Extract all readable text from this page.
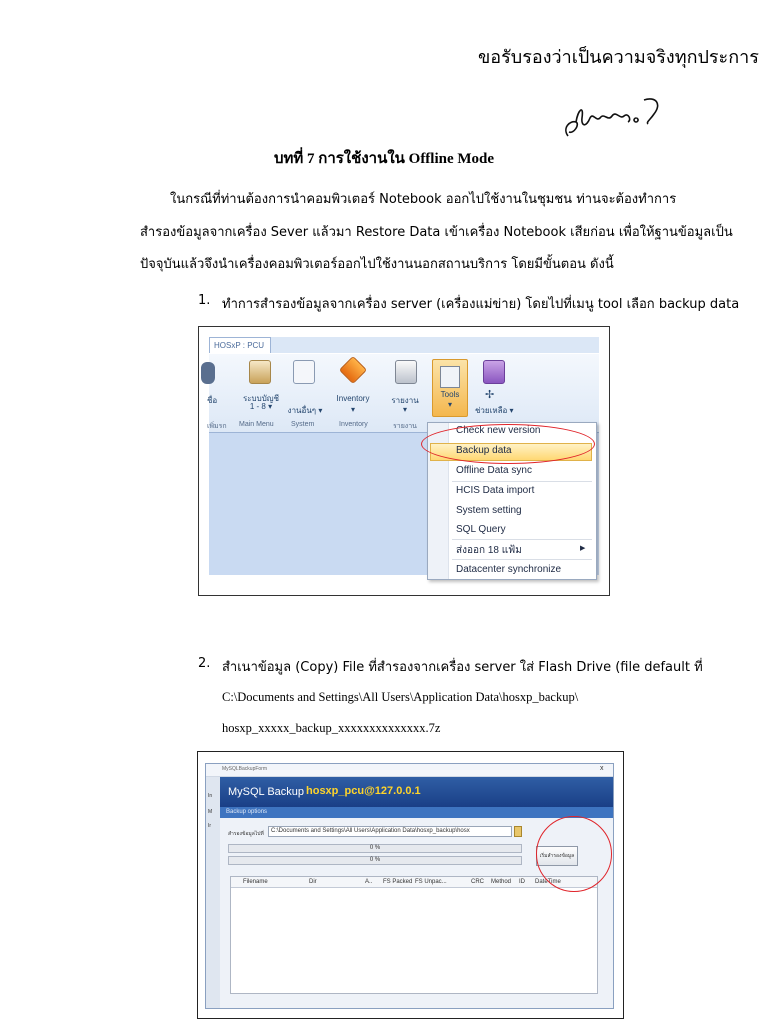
ขอรับรองว่าเป็นความจริงทุกประการ
บทที่ 7 การใช้งานใน Offline Mode
ในกรณีที่ท่านต้องการนำคอมพิวเตอร์ Notebook ออกไปใช้งานในชุมชน ท่านจะต้องทำการ
สำรองข้อมูลจากเครื่อง Sever แล้วมา Restore Data เข้าเครื่อง Notebook เสียก่อน เพื่อให้ฐานข้อมูลเป็น
ปัจจุบันแล้วจึงนำเครื่องคอมพิวเตอร์ออกไปใช้งานนอกสถานบริการ โดยมีขั้นตอน ดังนี้
1. ทำการสำรองข้อมูลจากเครื่อง server (เครื่องแม่ข่าย) โดยไปที่เมนู tool เลือก backup data
HOSxP : PCU
ชื่อ
เพิ่มรก
ระบบบัญชี
1 - 8 ▾	งานอื่นๆ ▾
Inventory
▾
รายงาน
▾
Main Menu System	Inventory	รายงาน
✢
ช่วยเหลือ ▾
Tools
▾
Check new version
Backup data
Offline Data sync
HCIS Data import
System setting
SQL Query
ส่งออก 18 แฟ้ม	▶
Datacenter synchronize
2. สำเนาข้อมูล (Copy) File ที่สำรองจากเครื่อง server ใส่ Flash Drive (file default ที่
C:\Documents and Settings\All Users\Application Data\hosxp_backup\
hosxp_xxxxx_backup_xxxxxxxxxxxxxx.7z
MySQLBackupForm	x
In
M
Ir
MySQL Backup hosxp_pcu@127.0.0.1
Backup options
สำรองข้อมูลไปที่	C:\Documents and Settings\All Users\Application Data\hosxp_backup\hosx
0 %
0 %
เริ่มสำรองข้อมูล
Filename	Dir	A.. FS Packed FS Unpac...	CRC Method ID DateTime
